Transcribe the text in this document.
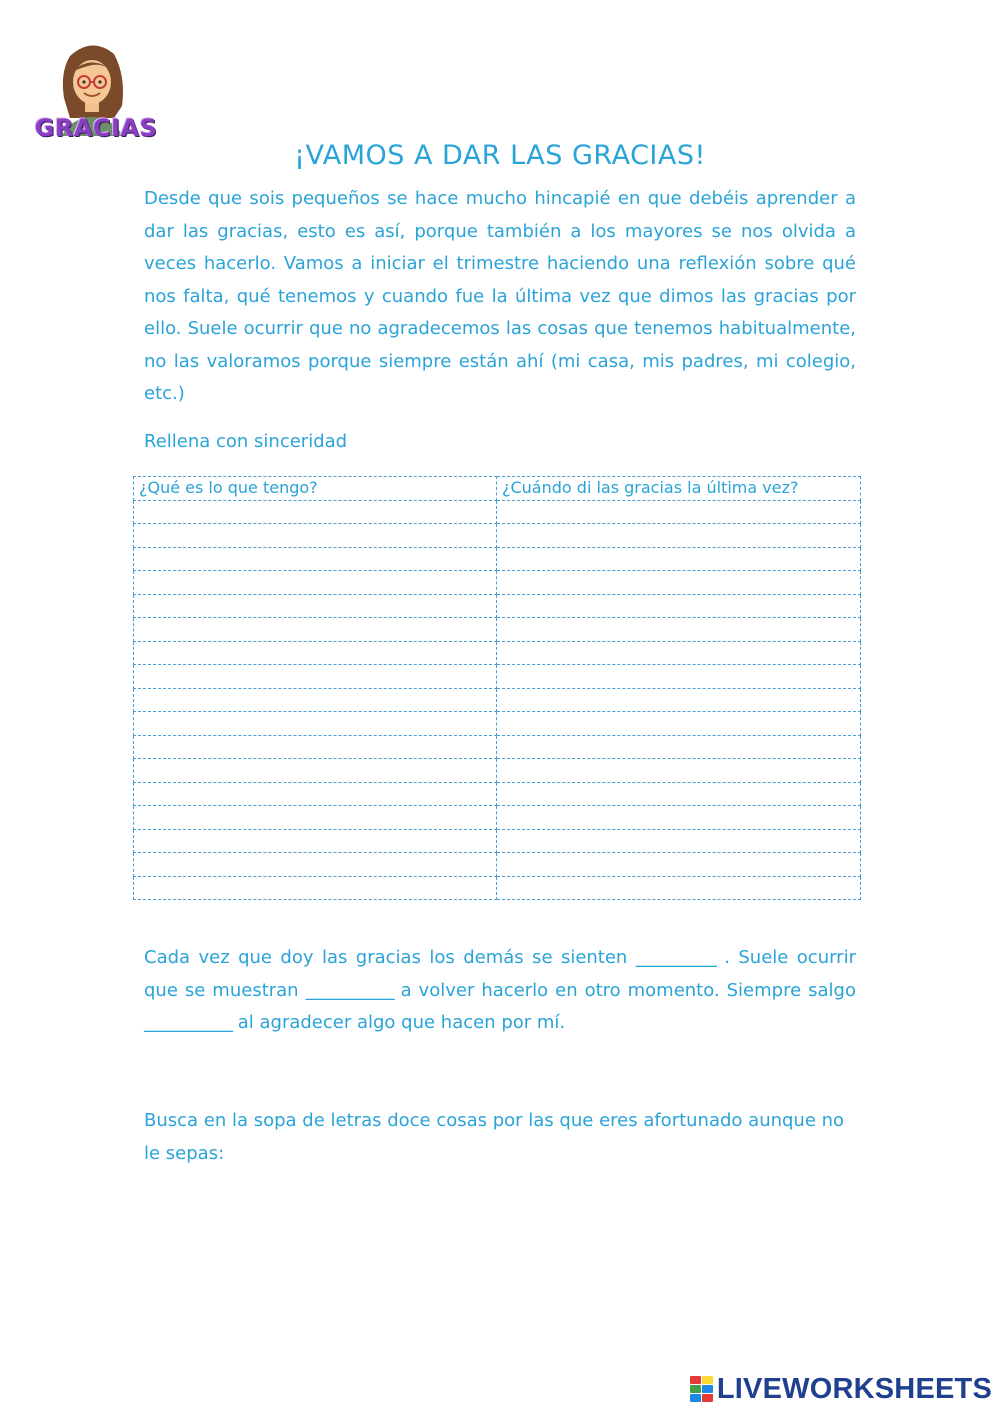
GRACIAS
¡VAMOS A DAR LAS GRACIAS!

Desde que sois pequeños se hace mucho hincapié en que debéis aprender a dar las gracias, esto es así, porque también a los mayores se nos olvida a veces hacerlo. Vamos a iniciar el trimestre haciendo una reflexión sobre qué nos falta, qué tenemos y cuando fue la última vez que dimos las gracias por ello. Suele ocurrir que no agradecemos las cosas que tenemos habitualmente, no las valoramos porque siempre están ahí (mi casa, mis padres, mi colegio, etc.)

Rellena con sinceridad

¿Qué es lo que tengo?	¿Cuándo di las gracias la última vez?

Cada vez que doy las gracias los demás se sienten __________ . Suele ocurrir que se muestran ___________ a volver hacerlo en otro momento. Siempre salgo ___________ al agradecer algo que hacen por mí.

Busca en la sopa de letras doce cosas por las que eres afortunado aunque no le sepas:

LIVEWORKSHEETS
